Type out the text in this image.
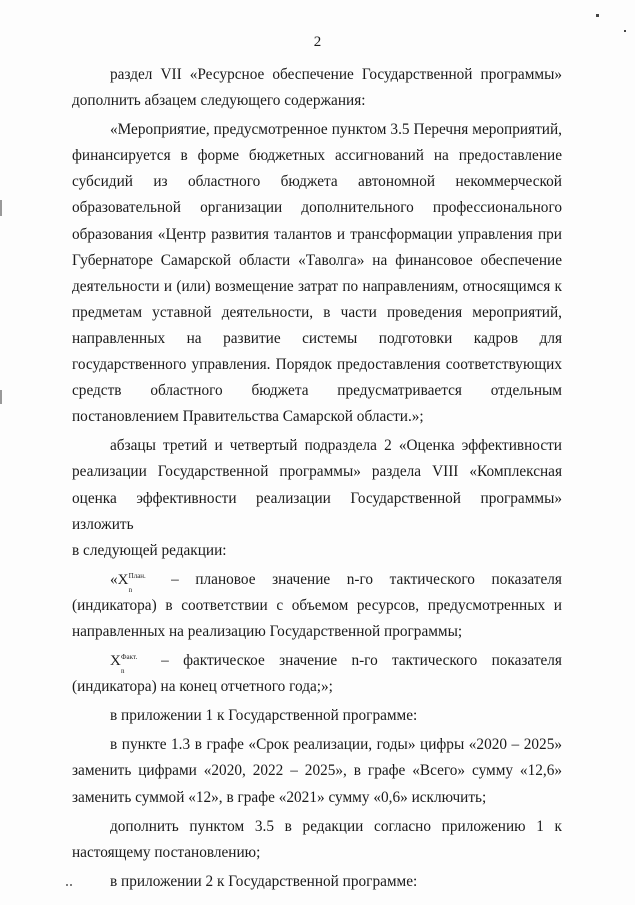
2
раздел VII «Ресурсное обеспечение Государственной программы»
дополнить абзацем следующего содержания:
«Мероприятие, предусмотренное пунктом 3.5 Перечня мероприятий,
финансируется в форме бюджетных ассигнований на предоставление
субсидий из областного бюджета автономной некоммерческой
образовательной организации дополнительного профессионального
образования «Центр развития талантов и трансформации управления при
Губернаторе Самарской области «Таволга» на финансовое обеспечение
деятельности и (или) возмещение затрат по направлениям, относящимся к
предметам уставной деятельности, в части проведения мероприятий,
направленных на развитие системы подготовки кадров для
государственного управления. Порядок предоставления соответствующих
средств областного бюджета предусматривается отдельным
постановлением Правительства Самарской области.»;
абзацы третий и четвертый подраздела 2 «Оценка эффективности
реализации Государственной программы» раздела VIII «Комплексная
оценка эффективности реализации Государственной программы» изложить
в следующей редакции:
«X План.
n
– плановое значение n-го тактического показателя
(индикатора) в соответствии с объемом ресурсов, предусмотренных и
направленных на реализацию Государственной программы;
X Факт.
n
– фактическое значение n-го тактического показателя
(индикатора) на конец отчетного года;»;
в приложении 1 к Государственной программе:
в пункте 1.3 в графе «Срок реализации, годы» цифры «2020 – 2025»
заменить цифрами «2020, 2022 – 2025», в графе «Всего» сумму «12,6»
заменить суммой «12», в графе «2021» сумму «0,6» исключить;
дополнить пунктом 3.5 в редакции согласно приложению 1 к
настоящему постановлению;
в приложении 2 к Государственной программе:
